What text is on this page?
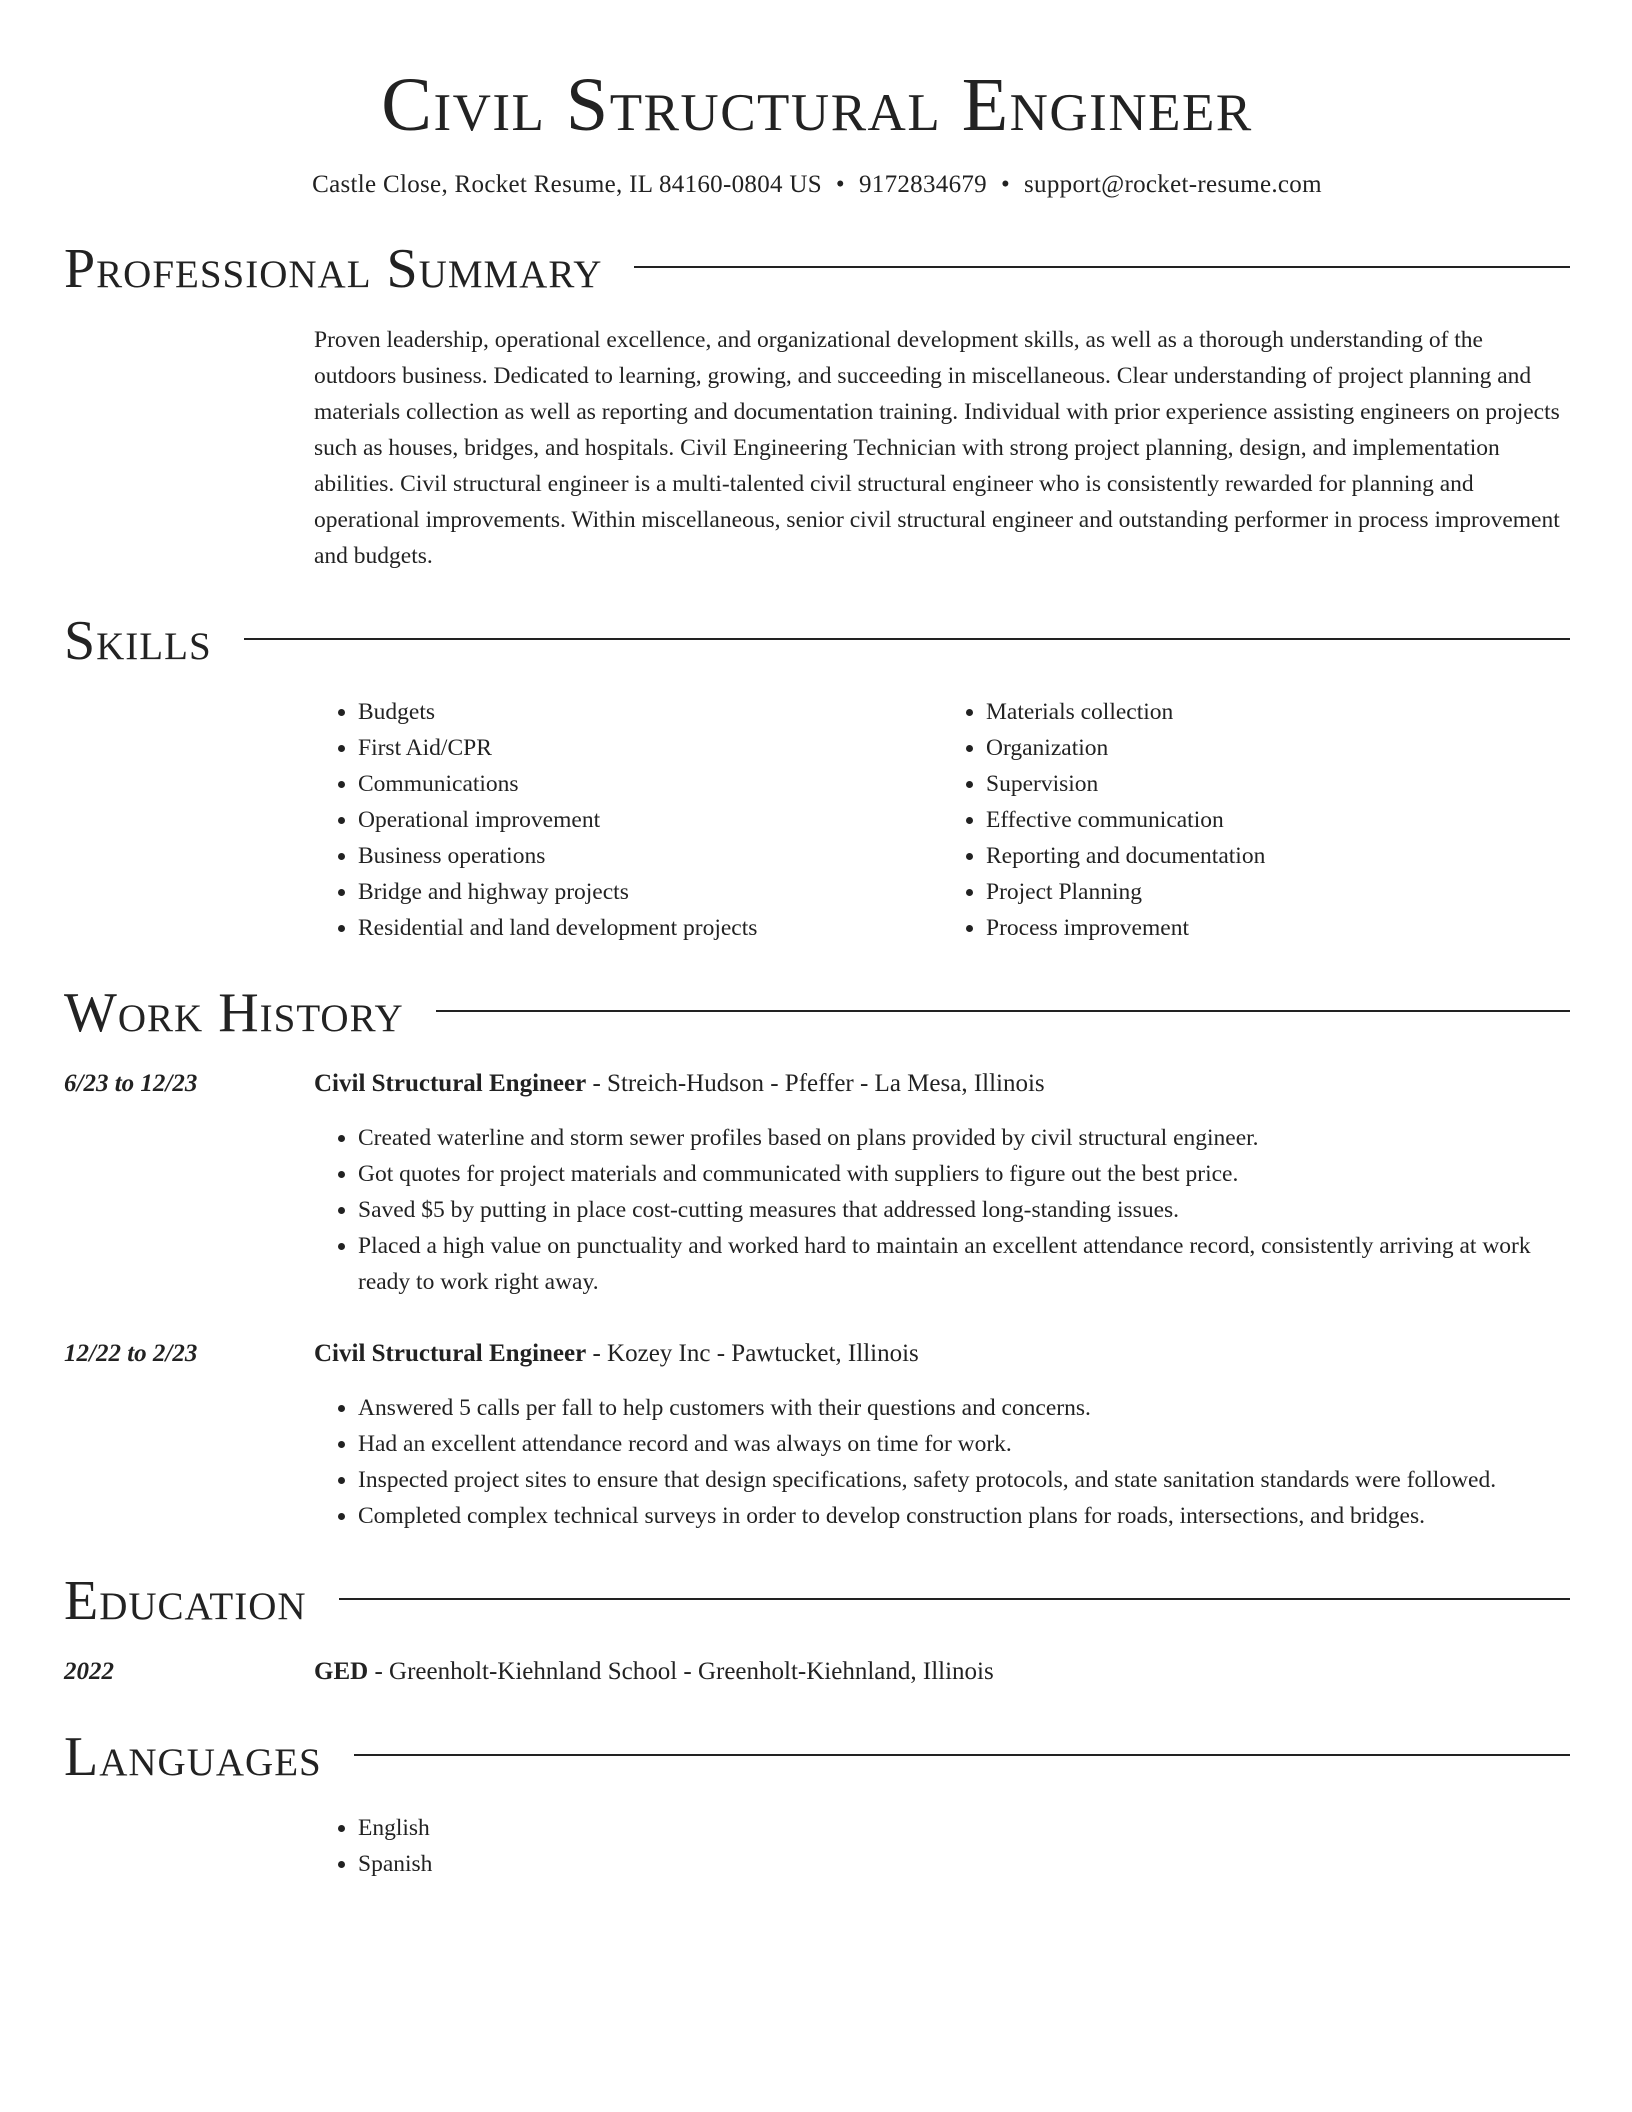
Civil Structural Engineer
Castle Close, Rocket Resume, IL 84160-0804 US • 9172834679 • support@rocket-resume.com
Professional Summary

Proven leadership, operational excellence, and organizational development skills, as well as a thorough understanding of the outdoors business. Dedicated to learning, growing, and succeeding in miscellaneous. Clear understanding of project planning and materials collection as well as reporting and documentation training. Individual with prior experience assisting engineers on projects such as houses, bridges, and hospitals. Civil Engineering Technician with strong project planning, design, and implementation abilities. Civil structural engineer is a multi-talented civil structural engineer who is consistently rewarded for planning and operational improvements. Within miscellaneous, senior civil structural engineer and outstanding performer in process improvement and budgets.

Skills
• Budgets
• First Aid/CPR
• Communications
• Operational improvement
• Business operations
• Bridge and highway projects
• Residential and land development projects
• Materials collection
• Organization
• Supervision
• Effective communication
• Reporting and documentation
• Project Planning
• Process improvement
Work History
6/23 to 12/23	Civil Structural Engineer - Streich-Hudson - Pfeffer - La Mesa, Illinois
• Created waterline and storm sewer profiles based on plans provided by civil structural engineer.
• Got quotes for project materials and communicated with suppliers to figure out the best price.
• Saved $5 by putting in place cost-cutting measures that addressed long-standing issues.
• Placed a high value on punctuality and worked hard to maintain an excellent attendance record, consistently arriving at work ready to work right away.
12/22 to 2/23	Civil Structural Engineer - Kozey Inc - Pawtucket, Illinois
• Answered 5 calls per fall to help customers with their questions and concerns.
• Had an excellent attendance record and was always on time for work.
• Inspected project sites to ensure that design specifications, safety protocols, and state sanitation standards were followed.
• Completed complex technical surveys in order to develop construction plans for roads, intersections, and bridges.
Education
2022	GED - Greenholt-Kiehnland School - Greenholt-Kiehnland, Illinois
Languages
• English
• Spanish
